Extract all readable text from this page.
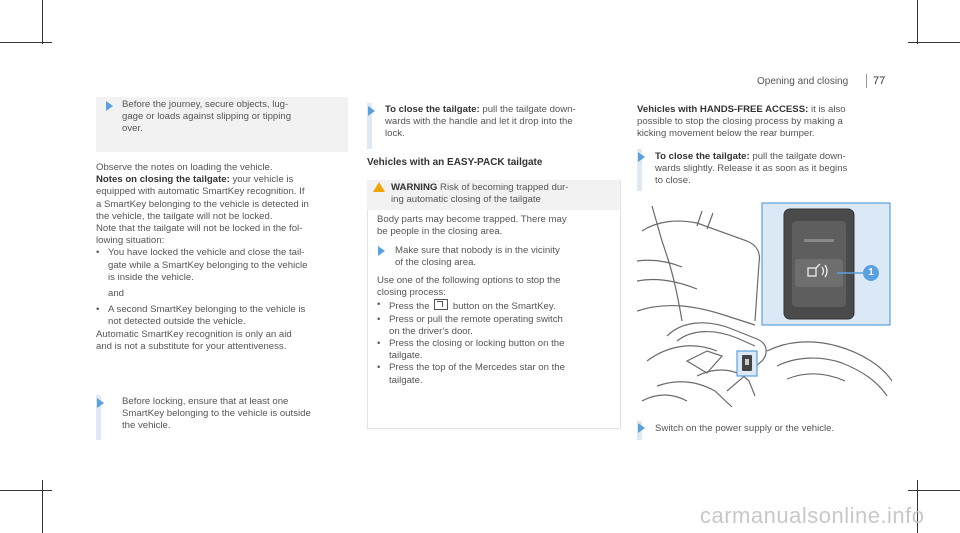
Opening and closing 77
Before the journey, secure objects, lug-
gage or loads against slipping or tipping
over.
Observe the notes on loading the vehicle.
Notes on closing the tailgate: your vehicle is
equipped with automatic SmartKey recognition. If
a SmartKey belonging to the vehicle is detected in
the vehicle, the tailgate will not be locked.
Note that the tailgate will not be locked in the fol-
lowing situation:
• You have locked the vehicle and close the tail-
gate while a SmartKey belonging to the vehicle
is inside the vehicle.
and
• A second SmartKey belonging to the vehicle is
not detected outside the vehicle.
Automatic SmartKey recognition is only an aid
and is not a substitute for your attentiveness.
Before locking, ensure that at least one
SmartKey belonging to the vehicle is outside
the vehicle.
To close the tailgate: pull the tailgate down-
wards with the handle and let it drop into the
lock.
Vehicles with an EASY-PACK tailgate
WARNING Risk of becoming trapped dur-
ing automatic closing of the tailgate
Body parts may become trapped. There may
be people in the closing area.
Make sure that nobody is in the vicinity
of the closing area.
Use one of the following options to stop the
closing process:
• Press the
button on the SmartKey.
• Press or pull the remote operating switch
on the driver's door.
• Press the closing or locking button on the
tailgate.
• Press the top of the Mercedes star on the
tailgate.
Vehicles with HANDS-FREE ACCESS: it is also
possible to stop the closing process by making a
kicking movement below the rear bumper.
To close the tailgate: pull the tailgate down-
wards slightly. Release it as soon as it begins
to close.
1
Switch on the power supply or the vehicle.
carmanualsonline.info
